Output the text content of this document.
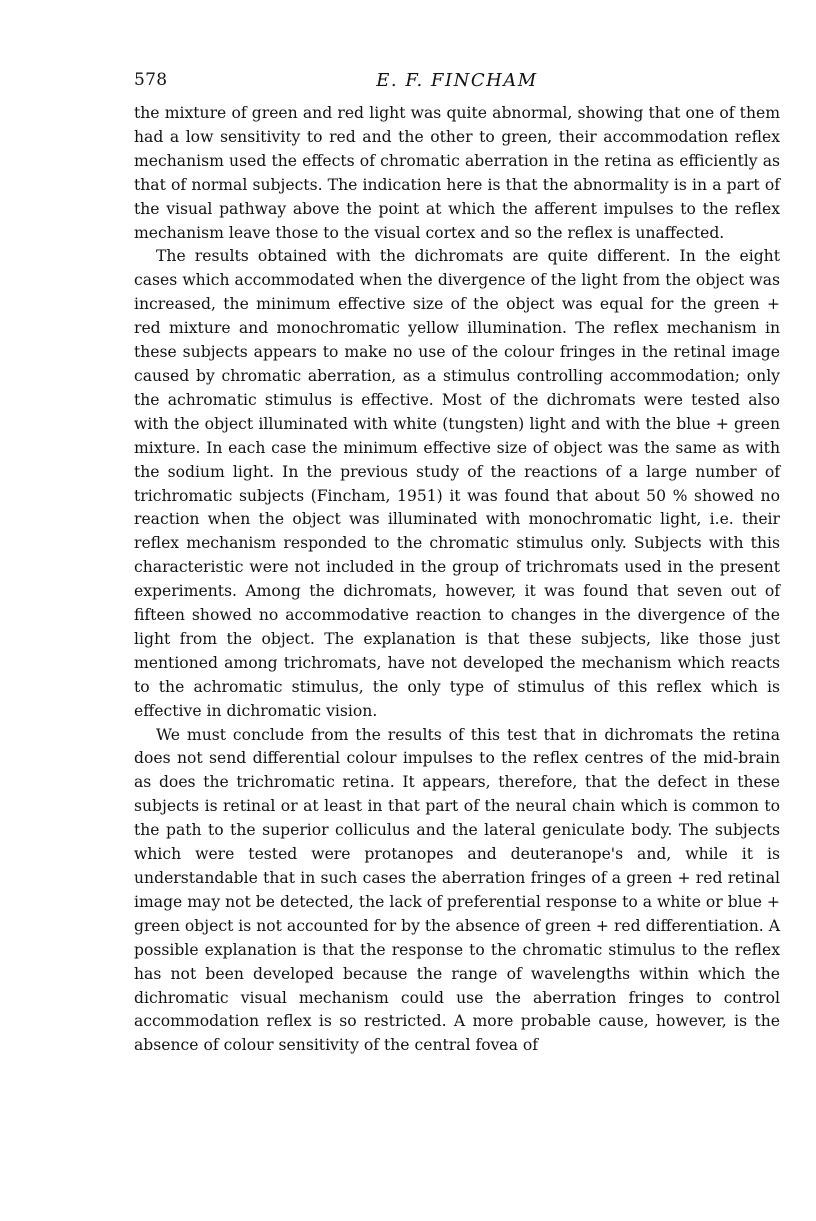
578	E. F. FINCHAM

the mixture of green and red light was quite abnormal, showing that one of them had a low sensitivity to red and the other to green, their accommodation reflex mechanism used the effects of chromatic aberration in the retina as efficiently as that of normal subjects. The indication here is that the abnormality is in a part of the visual pathway above the point at which the afferent impulses to the reflex mechanism leave those to the visual cortex and so the reflex is unaffected.

The results obtained with the dichromats are quite different. In the eight cases which accommodated when the divergence of the light from the object was increased, the minimum effective size of the object was equal for the green + red mixture and monochromatic yellow illumination. The reflex mechanism in these subjects appears to make no use of the colour fringes in the retinal image caused by chromatic aberration, as a stimulus controlling accommodation; only the achromatic stimulus is effective. Most of the dichromats were tested also with the object illuminated with white (tungsten) light and with the blue + green mixture. In each case the minimum effective size of object was the same as with the sodium light. In the previous study of the reactions of a large number of trichromatic subjects (Fincham, 1951) it was found that about 50 % showed no reaction when the object was illuminated with monochromatic light, i.e. their reflex mechanism responded to the chromatic stimulus only. Subjects with this characteristic were not included in the group of trichromats used in the present experiments. Among the dichromats, however, it was found that seven out of fifteen showed no accommodative reaction to changes in the divergence of the light from the object. The explanation is that these subjects, like those just mentioned among trichromats, have not developed the mechanism which reacts to the achromatic stimulus, the only type of stimulus of this reflex which is effective in dichromatic vision.

We must conclude from the results of this test that in dichromats the retina does not send differential colour impulses to the reflex centres of the mid-brain as does the trichromatic retina. It appears, therefore, that the defect in these subjects is retinal or at least in that part of the neural chain which is common to the path to the superior colliculus and the lateral geniculate body. The subjects which were tested were protanopes and deuteranope's and, while it is understandable that in such cases the aberration fringes of a green + red retinal image may not be detected, the lack of preferential response to a white or blue + green object is not accounted for by the absence of green + red differentiation. A possible explanation is that the response to the chromatic stimulus to the reflex has not been developed because the range of wavelengths within which the dichromatic visual mechanism could use the aberration fringes to control accommodation reflex is so restricted. A more probable cause, however, is the absence of colour sensitivity of the central fovea of
